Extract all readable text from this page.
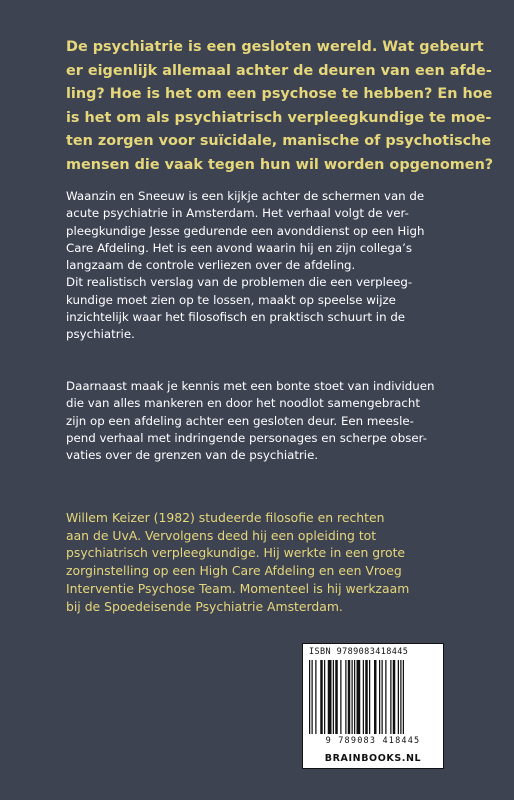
De psychiatrie is een gesloten wereld. Wat gebeurt
er eigenlijk allemaal achter de deuren van een afde-
ling? Hoe is het om een psychose te hebben? En hoe
is het om als psychiatrisch verpleegkundige te moe-
ten zorgen voor suïcidale, manische of psychotische
mensen die vaak tegen hun wil worden opgenomen?

Waanzin en Sneeuw is een kijkje achter de schermen van de
acute psychiatrie in Amsterdam. Het verhaal volgt de ver-
pleegkundige Jesse gedurende een avonddienst op een High
Care Afdeling. Het is een avond waarin hij en zijn collega’s
langzaam de controle verliezen over de afdeling.
Dit realistisch verslag van de problemen die een verpleeg-
kundige moet zien op te lossen, maakt op speelse wijze
inzichtelijk waar het filosofisch en praktisch schuurt in de
psychiatrie.

Daarnaast maak je kennis met een bonte stoet van individuen
die van alles mankeren en door het noodlot samengebracht
zijn op een afdeling achter een gesloten deur. Een meesle-
pend verhaal met indringende personages en scherpe obser-
vaties over de grenzen van de psychiatrie.

Willem Keizer (1982) studeerde filosofie en rechten
aan de UvA. Vervolgens deed hij een opleiding tot
psychiatrisch verpleegkundige. Hij werkte in een grote
zorginstelling op een High Care Afdeling en een Vroeg
Interventie Psychose Team. Momenteel is hij werkzaam
bij de Spoedeisende Psychiatrie Amsterdam.

ISBN 9789083418445
9 789083 418445
BRAINBOOKS.NL
